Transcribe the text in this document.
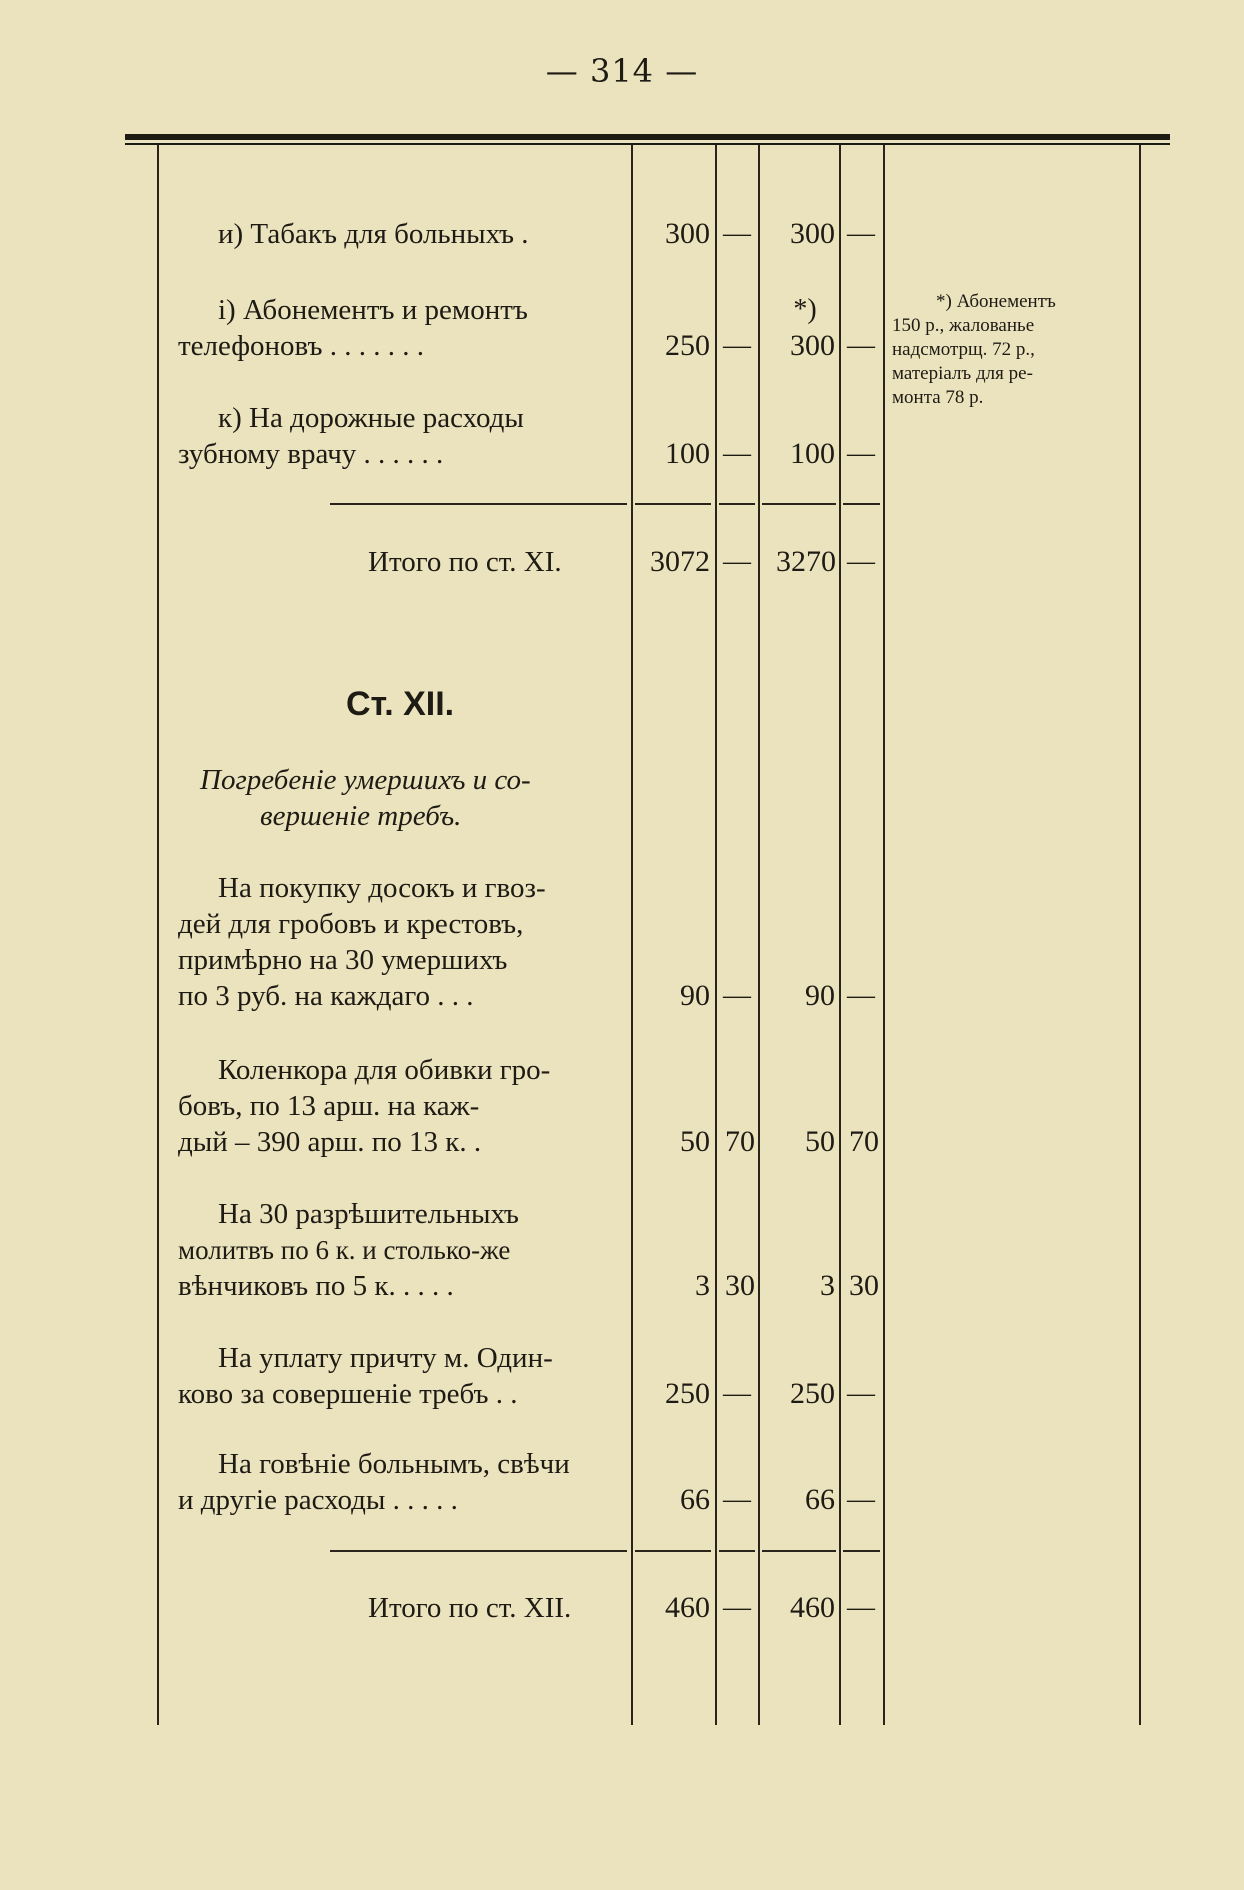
— 314 —
и) Табакъ для больныхъ .	300 —	300 —
і) Абонементъ и ремонтъ
телефоновъ . . . . . . .
*)
250 —	300 —
к) На дорожные расходы
зубному врачу . . . . . .	100 —	100 —
Итого по ст. XI.	3072 — 3270 —
*) Абонементъ
150 р., жалованье
надсмотрщ. 72 р.,
матеріалъ для ре-
монта 78 р.
Ст. XII.
Погребеніе умершихъ и со-
вершеніе требъ.
На покупку досокъ и гвоз-
дей для гробовъ и крестовъ,
примѣрно на 30 умершихъ
по 3 руб. на каждаго . . .	90 —	90 —
Коленкора для обивки гро-
бовъ, по 13 арш. на каж-
дый – 390 арш. по 13 к. .	50 70	50 70
На 30 разрѣшительныхъ
молитвъ по 6 к. и столько-же
вѣнчиковъ по 5 к. . . . .	3 30	3 30
На уплату причту м. Один-
ково за совершеніе требъ . .	250 —	250 —
На говѣніе больнымъ, свѣчи
и другіе расходы . . . . .	66 —	66 —
Итого по ст. XII.	460 —	460 —
